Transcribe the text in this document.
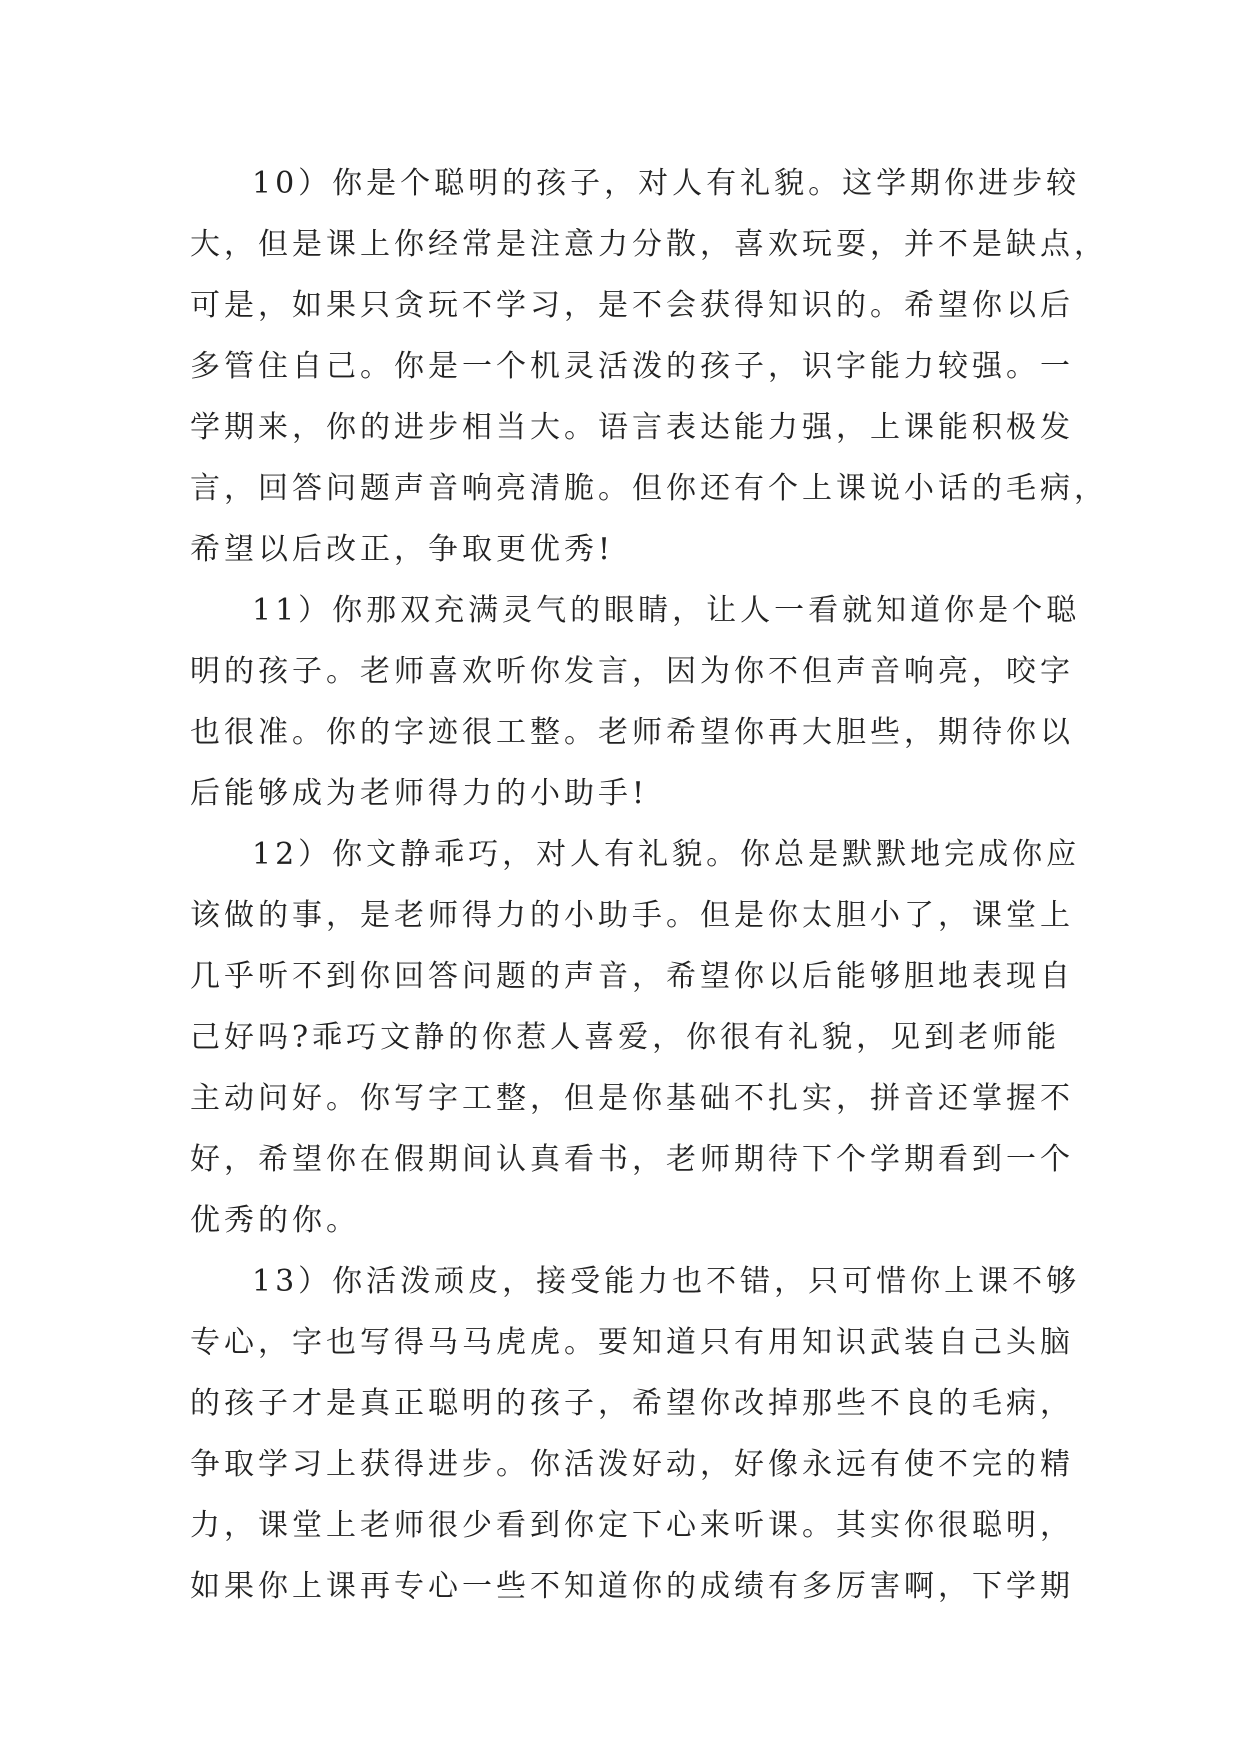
10）你是个聪明的孩子，对人有礼貌。这学期你进步较
大，但是课上你经常是注意力分散，喜欢玩耍，并不是缺点，
可是，如果只贪玩不学习，是不会获得知识的。希望你以后
多管住自己。你是一个机灵活泼的孩子，识字能力较强。一
学期来，你的进步相当大。语言表达能力强，上课能积极发
言，回答问题声音响亮清脆。但你还有个上课说小话的毛病，
希望以后改正，争取更优秀!
11）你那双充满灵气的眼睛，让人一看就知道你是个聪
明的孩子。老师喜欢听你发言，因为你不但声音响亮，咬字
也很准。你的字迹很工整。老师希望你再大胆些，期待你以
后能够成为老师得力的小助手!
12）你文静乖巧，对人有礼貌。你总是默默地完成你应
该做的事，是老师得力的小助手。但是你太胆小了，课堂上
几乎听不到你回答问题的声音，希望你以后能够胆地表现自
己好吗?乖巧文静的你惹人喜爱，你很有礼貌，见到老师能
主动问好。你写字工整，但是你基础不扎实，拼音还掌握不
好，希望你在假期间认真看书，老师期待下个学期看到一个
优秀的你。
13）你活泼顽皮，接受能力也不错，只可惜你上课不够
专心，字也写得马马虎虎。要知道只有用知识武装自己头脑
的孩子才是真正聪明的孩子，希望你改掉那些不良的毛病，
争取学习上获得进步。你活泼好动，好像永远有使不完的精
力，课堂上老师很少看到你定下心来听课。其实你很聪明，
如果你上课再专心一些不知道你的成绩有多厉害啊，下学期
